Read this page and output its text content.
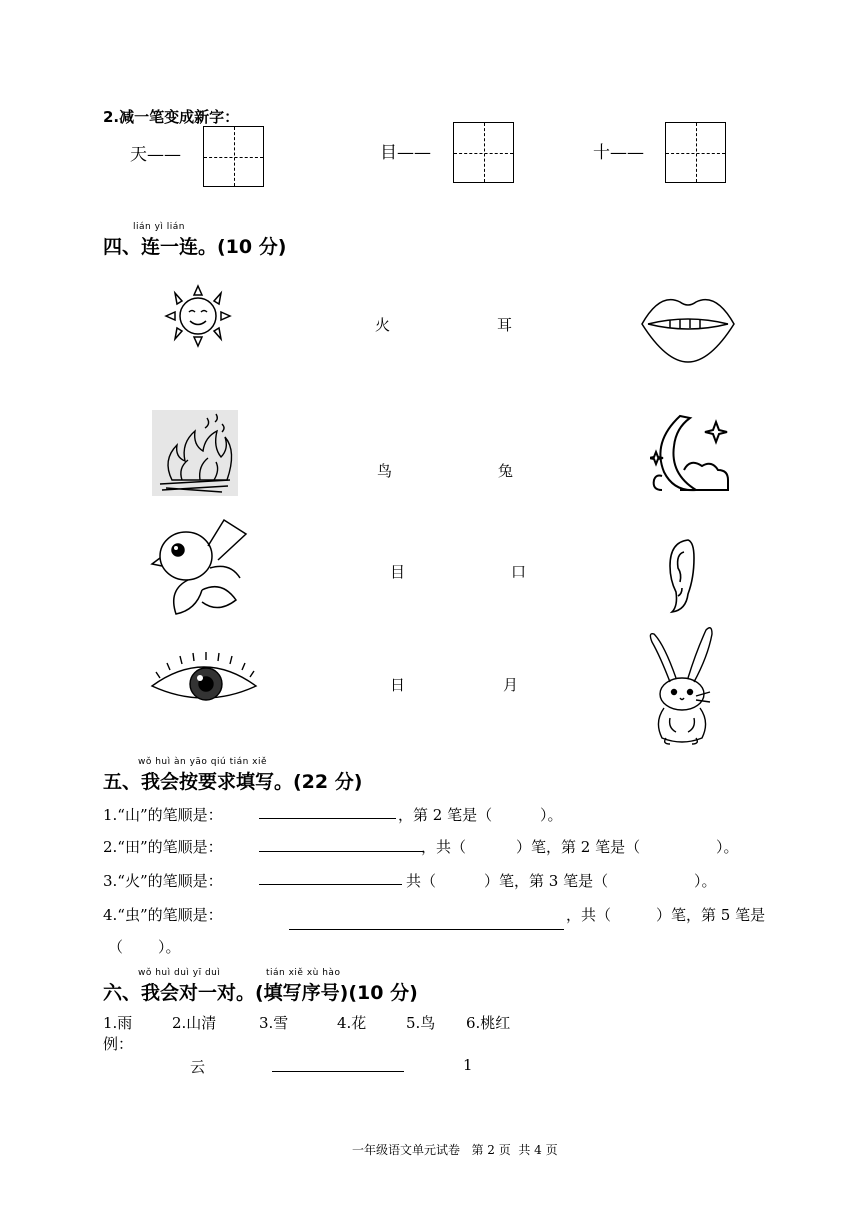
2.减一笔变成新字：
天——	目——	十——
lián yì lián
四、连一连。(10 分)
火	耳
鸟	兔
目	口
日	月
wǒ huì àn yāo qiú tián xiě
五、我会按要求填写。(22 分)
1.“山”的笔顺是：	，第 2 笔是（	）。
2.“田”的笔顺是：	，共（	）笔，第 2 笔是（	）。
3.“火”的笔顺是：	共（	）笔，第 3 笔是（	）。
4.“虫”的笔顺是：	，共（	）笔，第 5 笔是
（ ）。
wǒ huì duì yī duì	tián xiě xù hào
六、我会对一对。(填写序号)(10 分)
1.雨	2.山清	3.雪	4.花	5.鸟 6.桃红
例：
云	1
一年级语文单元试卷   第 2 页  共 4 页
